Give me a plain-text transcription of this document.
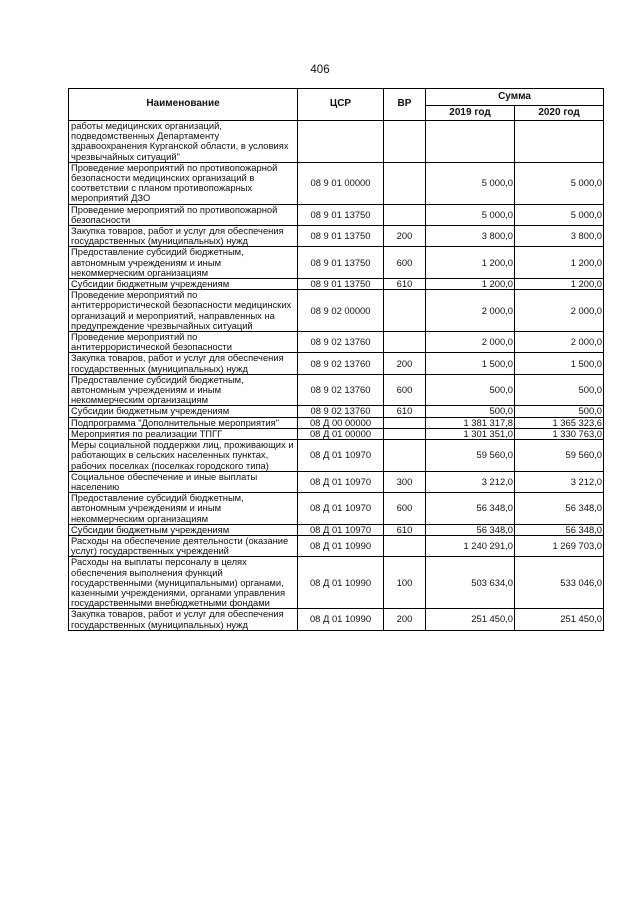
406
Наименование	ЦСР	ВР	Сумма	
			2019 год	2020 год
работы медицинских организаций, подведомственных Департаменту здравоохранения Курганской области, в условиях чрезвычайных ситуаций"				
Проведение мероприятий по противопожарной безопасности медицинских организаций в соответствии с планом противопожарных мероприятий ДЗО	08 9 01 00000		5 000,0	5 000,0
Проведение мероприятий по противопожарной безопасности	08 9 01 13750		5 000,0	5 000,0
Закупка товаров, работ и услуг для обеспечения государственных (муниципальных) нужд	08 9 01 13750	200	3 800,0	3 800,0
Предоставление субсидий бюджетным, автономным учреждениям и иным некоммерческим организациям	08 9 01 13750	600	1 200,0	1 200,0
Субсидии бюджетным учреждениям	08 9 01 13750	610	1 200,0	1 200,0
Проведение мероприятий по антитеррористической безопасности медицинских организаций и мероприятий, направленных на предупреждение чрезвычайных ситуаций	08 9 02 00000		2 000,0	2 000,0
Проведение мероприятий по антитеррористической безопасности	08 9 02 13760		2 000,0	2 000,0
Закупка товаров, работ и услуг для обеспечения государственных (муниципальных) нужд	08 9 02 13760	200	1 500,0	1 500,0
Предоставление субсидий бюджетным, автономным учреждениям и иным некоммерческим организациям	08 9 02 13760	600	500,0	500,0
Субсидии бюджетным учреждениям	08 9 02 13760	610	500,0	500,0
Подпрограмма "Дополнительные мероприятия"	08 Д 00 00000		1 381 317,8	1 365 323,6
Мероприятия по реализации ТПГГ	08 Д 01 00000		1 301 351,0	1 330 763,0
Меры социальной поддержки лиц, проживающих и работающих в сельских населенных пунктах, рабочих поселках (поселках городского типа)	08 Д 01 10970		59 560,0	59 560,0
Социальное обеспечение и иные выплаты населению	08 Д 01 10970	300	3 212,0	3 212,0
Предоставление субсидий бюджетным, автономным учреждениям и иным некоммерческим организациям	08 Д 01 10970	600	56 348,0	56 348,0
Субсидии бюджетным учреждениям	08 Д 01 10970	610	56 348,0	56 348,0
Расходы на обеспечение деятельности (оказание услуг) государственных учреждений	08 Д 01 10990		1 240 291,0	1 269 703,0
Расходы на выплаты персоналу в целях обеспечения выполнения функций государственными (муниципальными) органами, казенными учреждениями, органами управления государственными внебюджетными фондами	08 Д 01 10990	100	503 634,0	533 046,0
Закупка товаров, работ и услуг для обеспечения государственных (муниципальных) нужд	08 Д 01 10990	200	251 450,0	251 450,0
